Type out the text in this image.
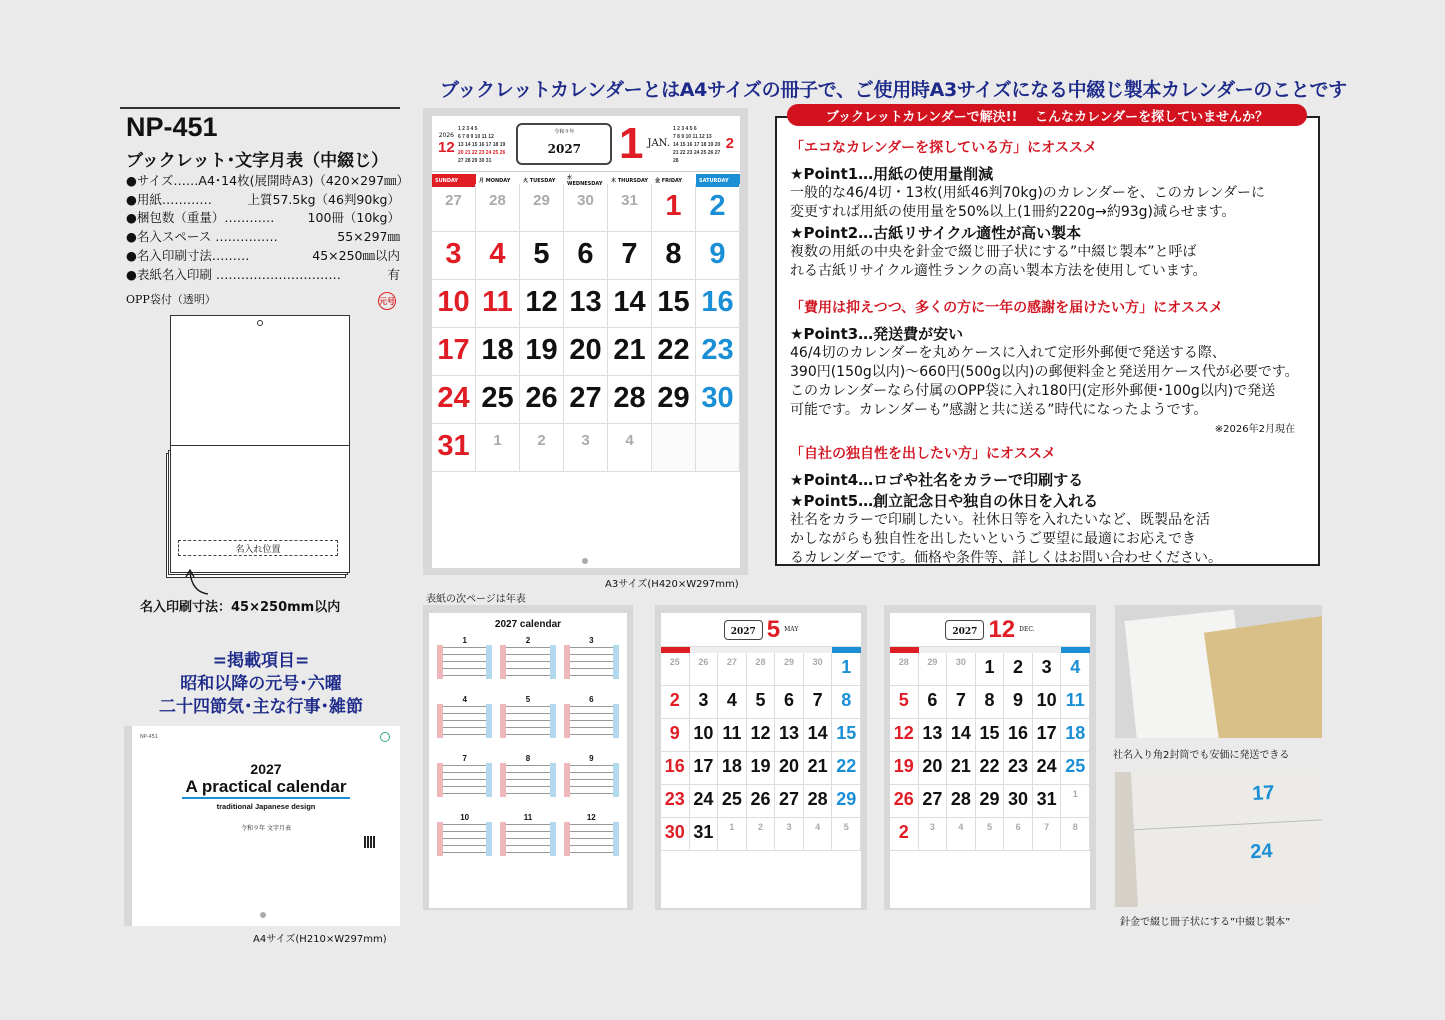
ブックレットカレンダーとはA4サイズの冊子で、ご使用時A3サイズになる中綴じ製本カレンダーのことです
NP-451
ブックレット･文字月表（中綴じ）
●サイズ…… A4･14枚(展開時A3)（420×297㎜）
●用紙…………	上質57.5kg（46判90kg）
●梱包数（重量）…………	100冊（10kg）
●名入スペース ……………	55×297㎜
●名入印刷寸法………	45×250㎜以内
●表紙名入印刷 …………………………	有
OPP袋付（透明）	元号
名入れ位置
名入印刷寸法：45×250mm以内
=掲載項目=
昭和以降の元号･六曜
二十四節気･主な行事･雑節
NP-451
2027
A practical calendar
traditional Japanese design
令和９年 文字月表
A4サイズ(H210×W297mm)
2026
12
1 2 3 4 5
6 7 8 9 10 11 12
13 14 15 16 17 18 19
20 21 22 23 24 25 26
27 28 29 30 31
令和９年
2027 1 JAN.
1 2 3 4 5 6
7 8 9 10 11 12 13
14 15 16 17 18 19 20
21 22 23 24 25 26 27
28
2
SUNDAY	月 MONDAY	火 TUESDAY	水 WEDNESDAY	木 THURSDAY	金 FRIDAY	SATURDAY
27 28 29 30 31 1 2
3 4 5 6 7 8 9
10 11 12 13 14 15 16
17 18 19 20 21 22 23
24 25 26 27 28 29 30
31 1 2 3 4
A3サイズ(H420×W297mm)
ブックレットカレンダーで解決!!　 こんなカレンダーを探していませんか？
「エコなカレンダーを探している方」にオススメ
★Point1…用紙の使用量削減
一般的な46/4切・13枚(用紙46判70kg)のカレンダーを、このカレンダーに
変更すれば用紙の使用量を50%以上(1冊約220g→約93g)減らせます。
★Point2…古紙リサイクル適性が高い製本
複数の用紙の中央を針金で綴じ冊子状にする”中綴じ製本”と呼ば
れる古紙リサイクル適性ランクの高い製本方法を使用しています。
「費用は抑えつつ、多くの方に一年の感謝を届けたい方」にオススメ
★Point3…発送費が安い
46/4切のカレンダーを丸めケースに入れて定形外郵便で発送する際、
390円(150g以内)～660円(500g以内)の郵便料金と発送用ケース代が必要です。
このカレンダーなら付属のOPP袋に入れ180円(定形外郵便･100g以内)で発送
可能です。カレンダーも”感謝と共に送る”時代になったようです。
※2026年2月現在
「自社の独自性を出したい方」にオススメ
★Point4…ロゴや社名をカラーで印刷する
★Point5…創立記念日や独自の休日を入れる
社名をカラーで印刷したい。社休日等を入れたいなど、既製品を活
かしながらも独自性を出したいというご要望に最適にお応えでき
るカレンダーです。価格や条件等、詳しくはお問い合わせください。
表紙の次ページは年表
2027 calendar
1	2	3
4	5	6
7	8	9
10	11	12
2027 5 MAY
25 26 27 28 29 30 1
2 3 4 5 6 7 8
9 10 11 12 13 14 15
16 17 18 19 20 21 22
23 24 25 26 27 28 29
30 31 1	2	3	4	5
2027 12 DEC.
28 29 30 1 2 3 4
5 6 7 8 9 10 11
12 13 14 15 16 17 18
19 20 21 22 23 24 25
26 27 28 29 30 31 1
2 3	4	5	6	7	8
社名入り角2封筒でも安価に発送できる
17
24
針金で綴じ冊子状にする”中綴じ製本”
